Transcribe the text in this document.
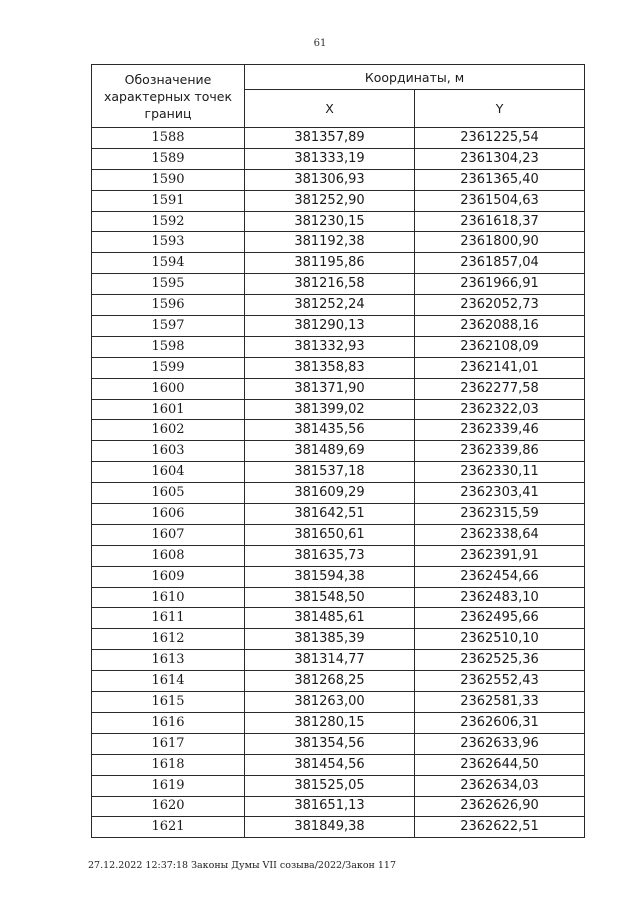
61
Обозначение характерных точек границ	Координаты, м	
	X	Y
1588	381357,89	2361225,54
1589	381333,19	2361304,23
1590	381306,93	2361365,40
1591	381252,90	2361504,63
1592	381230,15	2361618,37
1593	381192,38	2361800,90
1594	381195,86	2361857,04
1595	381216,58	2361966,91
1596	381252,24	2362052,73
1597	381290,13	2362088,16
1598	381332,93	2362108,09
1599	381358,83	2362141,01
1600	381371,90	2362277,58
1601	381399,02	2362322,03
1602	381435,56	2362339,46
1603	381489,69	2362339,86
1604	381537,18	2362330,11
1605	381609,29	2362303,41
1606	381642,51	2362315,59
1607	381650,61	2362338,64
1608	381635,73	2362391,91
1609	381594,38	2362454,66
1610	381548,50	2362483,10
1611	381485,61	2362495,66
1612	381385,39	2362510,10
1613	381314,77	2362525,36
1614	381268,25	2362552,43
1615	381263,00	2362581,33
1616	381280,15	2362606,31
1617	381354,56	2362633,96
1618	381454,56	2362644,50
1619	381525,05	2362634,03
1620	381651,13	2362626,90
1621	381849,38	2362622,51
27.12.2022 12:37:18 Законы Думы VII созыва/2022/Закон 117
